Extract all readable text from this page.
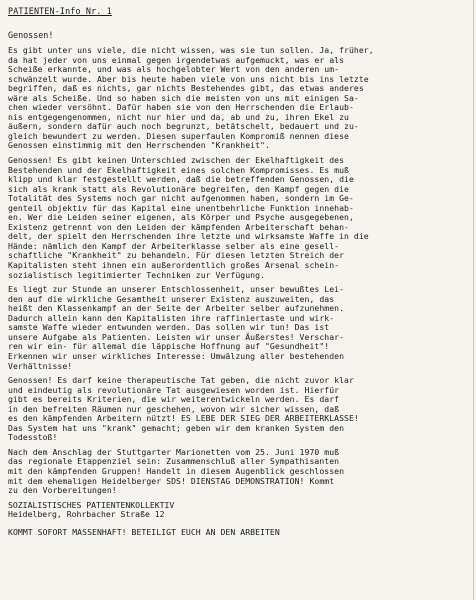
PATIENTEN-Info Nr. 1
Genossen!
Es gibt unter uns viele, die nicht wissen, was sie tun sollen. Ja, früher,
da hat jeder von uns einmal gegen irgendetwas aufgemuckt, was er als
Scheiße erkannte, und was als hochgelobter Wert von den anderen um-
schwänzelt wurde. Aber bis heute haben viele von uns nicht bis ins letzte
begriffen, daß es nichts, gar nichts Bestehendes gibt, das etwas anderes
wäre als Scheiße. Und so haben sich die meisten von uns mit einigen Sa-
chen wieder versöhnt. Dafür haben sie von den Herrschenden die Erlaub-
nis entgegengenommen, nicht nur hier und da, ab und zu, ihren Ekel zu
äußern, sondern dafür auch noch begrunzt, betätschelt, bedauert und zu-
gleich bewundert zu werden. Diesen superfaulen Kompromiß nennen diese
Genossen einstimmig mit den Herrschenden "Krankheit".
Genossen! Es gibt keinen Unterschied zwischen der Ekelhaftigkeit des
Bestehenden und der Ekelhaftigkeit eines solchen Kompromisses. Es muß
klipp und klar festgestellt werden, daß die betreffenden Genossen, die
sich als krank statt als Revolutionäre begreifen, den Kampf gegen die
Totalität des Systems noch gar nicht aufgenommen haben, sondern im Ge-
genteil objektiv für das Kapital eine unentbehrliche Funktion innehab-
en. Wer die Leiden seiner eigenen, als Körper und Psyche ausgegebenen,
Existenz getrennt von den Leiden der kämpfenden Arbeiterschaft behan-
delt, der spielt den Herrschenden ihre letzte und wirksamste Waffe in die
Hände: nämlich den Kampf der Arbeiterklasse selber als eine gesell-
schaftliche "Krankheit" zu behandeln. Für diesen letzten Streich der
Kapitalisten steht ihnen ein außerordentlich großes Arsenal schein-
sozialistisch legitimierter Techniken zur Verfügung.
Es liegt zur Stunde an unserer Entschlossenheit, unser bewußtes Lei-
den auf die wirkliche Gesamtheit unserer Existenz auszuweiten, das
heißt den Klassenkampf an der Seite der Arbeiter selber aufzunehmen.
Dadurch allein kann den Kapitalisten ihre raffiniertaste und wirk-
samste Waffe wieder entwunden werden. Das sollen wir tun! Das ist
unsere Aufgabe als Patienten. Leisten wir unser Äußerstes! Verschar-
ren wir ein- für allemal die läppische Hoffnung auf "Gesundheit"!
Erkennen wir unser wirkliches Interesse: Umwälzung aller bestehenden
Verhältnisse!
Genossen! Es darf keine therapeutische Tat geben, die nicht zuvor klar
und eindeutig als revolutionäre Tat ausgewiesen worden ist. Hierfür
gibt es bereits Kriterien, die wir weiterentwickeln werden. Es darf
in den befreiten Räumen nur geschehen, wovon wir sicher wissen, daß
es den kämpfenden Arbeitern nützt! ES LEBE DER SIEG DER ARBEITERKLASSE!
Das System hat uns "krank" gemacht; geben wir dem kranken System den
Todesstoß!
Nach dem Anschlag der Stuttgarter Marionetten vom 25. Juni 1970 muß
das regionale Etappenziel sein: Zusammenschluß aller Sympathisanten
mit den kämpfenden Gruppen! Handelt in diesem Augenblick geschlossen
mit dem ehemaligen Heidelberger SDS! DIENSTAG DEMONSTRATION! Kommt
zu den Vorbereitungen!
SOZIALISTISCHES PATIENTENKOLLEKTIV
Heidelberg, Rohrbacher Straße 12
KOMMT SOFORT MASSENHAFT! BETEILIGT EUCH AN DEN ARBEITEN
